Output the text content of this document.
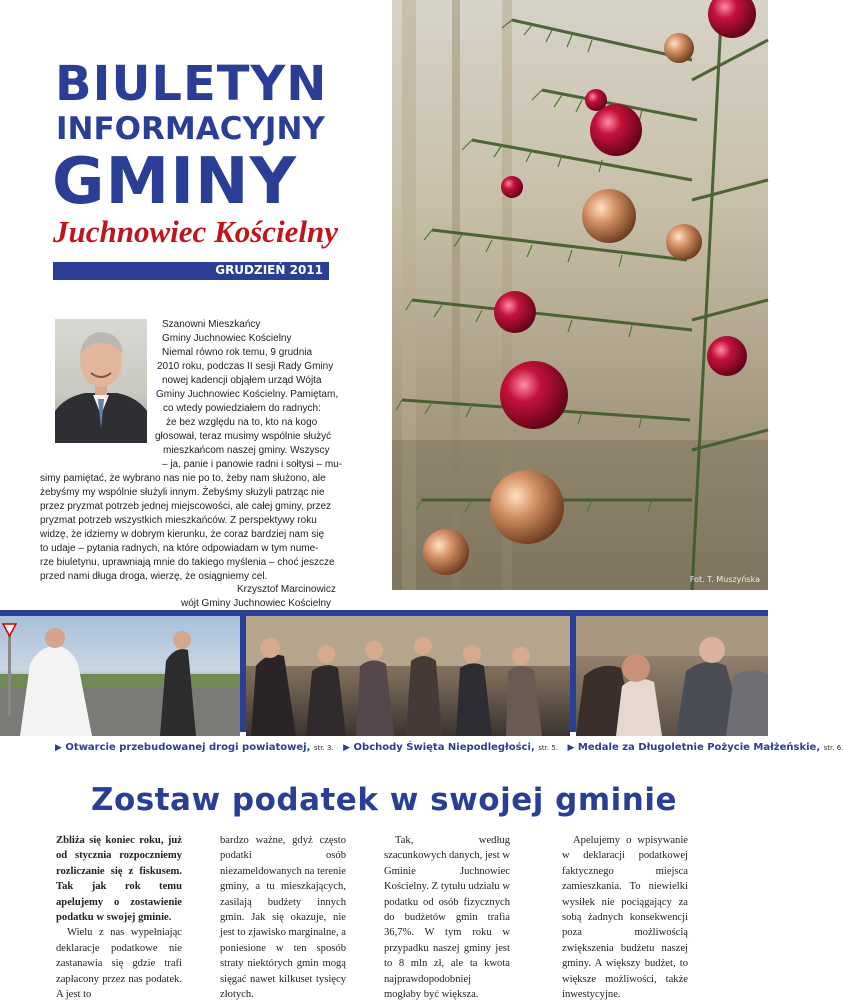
BIULETYN
INFORMACYJNY
GMINY
Juchnowiec Kościelny
GRUDZIEŃ 2011
Fot. T. Muszyńska
Szanowni Mieszkańcy
Gminy Juchnowiec Kościelny
Niemal równo rok temu, 9 grudnia
2010 roku, podczas II sesji Rady Gminy
nowej kadencji objąłem urząd Wójta
Gminy Juchnowiec Kościelny. Pamiętam,
co wtedy powiedziałem do radnych:
że bez względu na to, kto na kogo
głosował, teraz musimy wspólnie służyć
mieszkańcom naszej gminy. Wszyscy
– ja, panie i panowie radni i sołtysi – mu-
simy pamiętać, że wybrano nas nie po to, żeby nam służono, ale
żebyśmy my wspólnie służyli innym. Żebyśmy służyli patrząc nie
przez pryzmat potrzeb jednej miejscowości, ale całej gminy, przez
pryzmat potrzeb wszystkich mieszkańców. Z perspektywy roku
widzę, że idziemy w dobrym kierunku, że coraz bardziej nam się
to udaje – pytania radnych, na które odpowiadam w tym nume-
rze biuletynu, uprawniają mnie do takiego myślenia – choć jeszcze
przed nami długa droga, wierzę, że osiągniemy cel.
Krzysztof Marcinowicz
wójt Gminy Juchnowiec Kościelny
▶ Otwarcie przebudowanej drogi powiatowej, str. 3. ▶ Obchody Święta Niepodległości, str. 5. ▶ Medale za Długoletnie Pożycie Małżeńskie, str. 6.
Zostaw podatek w swojej gminie

Zbliża się koniec roku, już od stycznia rozpoczniemy rozliczanie się z fiskusem. Tak jak rok temu apelujemy o zostawienie podatku w swojej gminie.

Wielu z nas wypełniając deklaracje podatkowe nie zastanawia się gdzie trafi zapłacony przez nas podatek. A jest to

bardzo ważne, gdyż często podatki osób niezameldowanych na terenie gminy, a tu mieszkających, zasilają budżety innych gmin. Jak się okazuje, nie jest to zjawisko marginalne, a poniesione w ten sposób straty niektórych gmin mogą sięgać nawet kilkuset tysięcy złotych.

Tak, według szacunkowych danych, jest w Gminie Juchnowiec Kościelny. Z tytułu udziału w podatku od osób fizycznych do budżetów gmin trafia 36,7%. W tym roku w przypadku naszej gminy jest to 8 mln zł, ale ta kwota najprawdopodobniej mogłaby być większa.

Apelujemy o wpisywanie w deklaracji podatkowej faktycznego miejsca zamieszkania. To niewielki wysiłek nie pociągający za sobą żadnych konsekwencji poza możliwością zwiększenia budżetu naszej gminy. A większy budżet, to większe możliwości, także inwestycyjne.
